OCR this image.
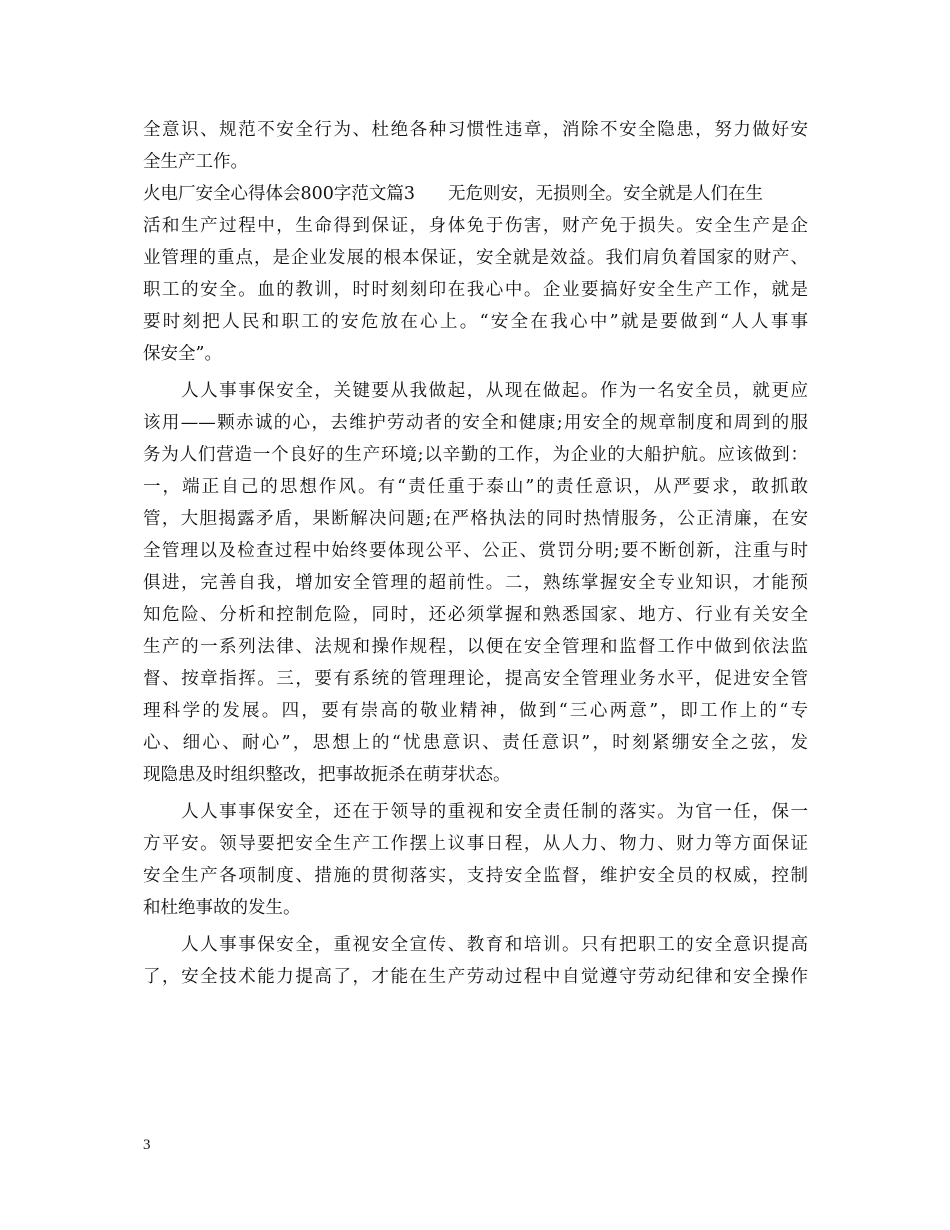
全意识、规范不安全行为、杜绝各种习惯性违章，消除不安全隐患，努力做好安
全生产工作。
火电厂安全心得体会800字范文篇3 无危则安，无损则全。安全就是人们在生
活和生产过程中，生命得到保证，身体免于伤害，财产免于损失。安全生产是企
业管理的重点，是企业发展的根本保证，安全就是效益。我们肩负着国家的财产、
职工的安全。血的教训，时时刻刻印在我心中。企业要搞好安全生产工作，就是
要时刻把人民和职工的安危放在心上。“安全在我心中”就是要做到“人人事事
保安全”。
　　人人事事保安全，关键要从我做起，从现在做起。作为一名安全员，就更应
该用——颗赤诚的心，去维护劳动者的安全和健康;用安全的规章制度和周到的服
务为人们营造一个良好的生产环境;以辛勤的工作，为企业的大船护航。应该做到：
一，端正自己的思想作风。有“责任重于泰山”的责任意识，从严要求，敢抓敢
管，大胆揭露矛盾，果断解决问题;在严格执法的同时热情服务，公正清廉，在安
全管理以及检查过程中始终要体现公平、公正、赏罚分明;要不断创新，注重与时
俱进，完善自我，增加安全管理的超前性。二，熟练掌握安全专业知识，才能预
知危险、分析和控制危险，同时，还必须掌握和熟悉国家、地方、行业有关安全
生产的一系列法律、法规和操作规程，以便在安全管理和监督工作中做到依法监
督、按章指挥。三，要有系统的管理理论，提高安全管理业务水平，促进安全管
理科学的发展。四，要有崇高的敬业精神，做到“三心两意”，即工作上的“专
心、细心、耐心”，思想上的“忧患意识、责任意识”，时刻紧绷安全之弦，发
现隐患及时组织整改，把事故扼杀在萌芽状态。
　　人人事事保安全，还在于领导的重视和安全责任制的落实。为官一任，保一
方平安。领导要把安全生产工作摆上议事日程，从人力、物力、财力等方面保证
安全生产各项制度、措施的贯彻落实，支持安全监督，维护安全员的权威，控制
和杜绝事故的发生。
　　人人事事保安全，重视安全宣传、教育和培训。只有把职工的安全意识提高
了，安全技术能力提高了，才能在生产劳动过程中自觉遵守劳动纪律和安全操作
3
